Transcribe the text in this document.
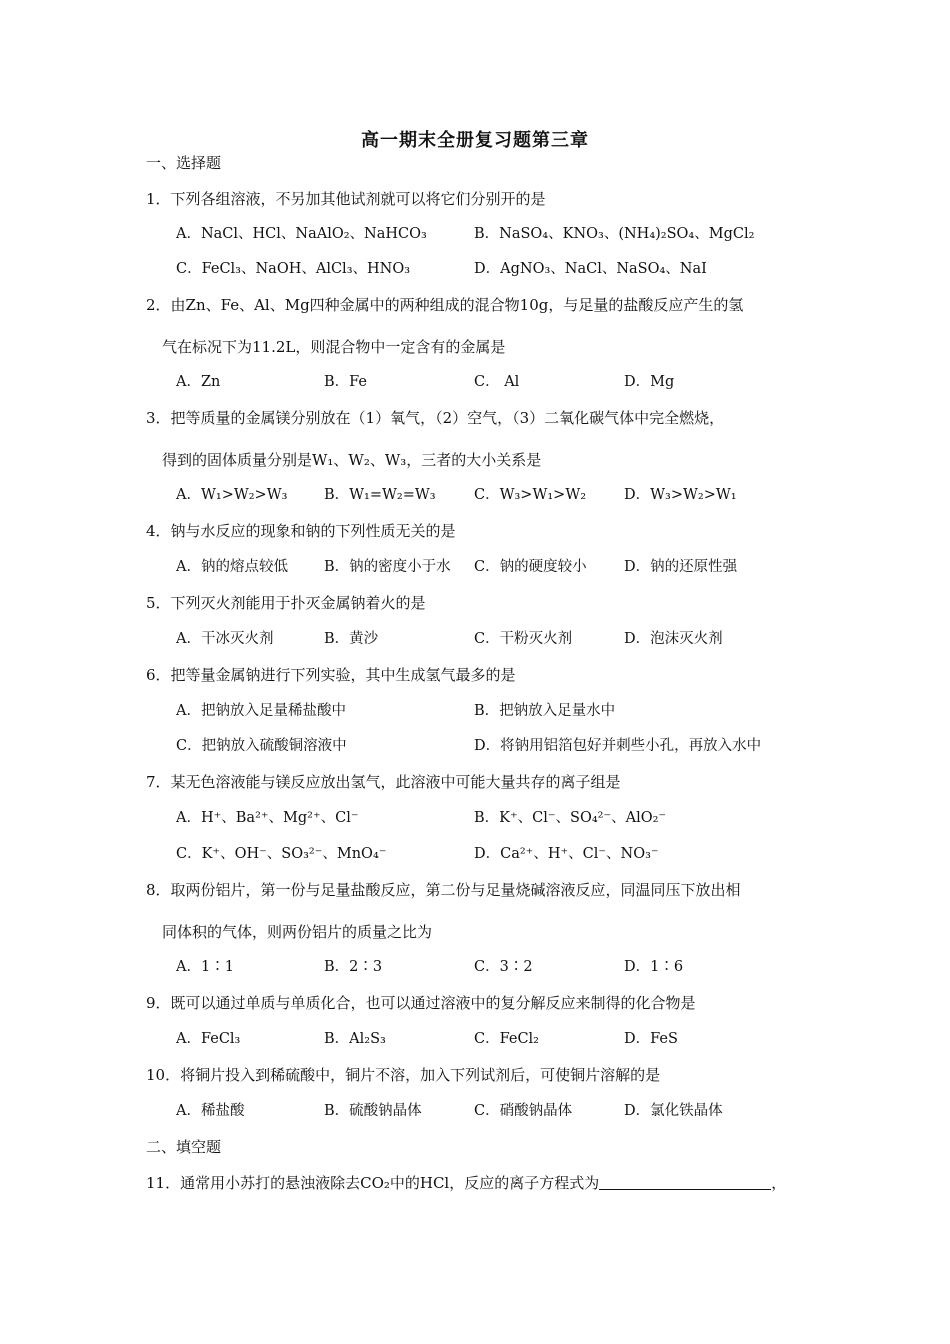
高一期末全册复习题第三章
一、选择题
1．下列各组溶液，不另加其他试剂就可以将它们分别开的是
A．NaCl、HCl、NaAlO₂、NaHCO₃	B．NaSO₄、KNO₃、(NH₄)₂SO₄、MgCl₂
C．FeCl₃、NaOH、AlCl₃、HNO₃	D．AgNO₃、NaCl、NaSO₄、NaI
2．由Zn、Fe、Al、Mg四种金属中的两种组成的混合物10g，与足量的盐酸反应产生的氢
气在标况下为11.2L，则混合物中一定含有的金属是
A．Zn	B．Fe	C． Al	D．Mg
3．把等质量的金属镁分别放在（1）氧气，（2）空气，（3）二氧化碳气体中完全燃烧，
得到的固体质量分别是W₁、W₂、W₃，三者的大小关系是
A．W₁>W₂>W₃	B．W₁=W₂=W₃	C．W₃>W₁>W₂	D．W₃>W₂>W₁
4．钠与水反应的现象和钠的下列性质无关的是
A．钠的熔点较低 B．钠的密度小于水 C．钠的硬度较小	D．钠的还原性强
5．下列灭火剂能用于扑灭金属钠着火的是
A．干冰灭火剂	B．黄沙	C．干粉灭火剂	D．泡沫灭火剂
6．把等量金属钠进行下列实验，其中生成氢气最多的是
A．把钠放入足量稀盐酸中	B．把钠放入足量水中
C．把钠放入硫酸铜溶液中	D．将钠用铝箔包好并刺些小孔，再放入水中
7．某无色溶液能与镁反应放出氢气，此溶液中可能大量共存的离子组是
A．H⁺、Ba²⁺、Mg²⁺、Cl⁻	B．K⁺、Cl⁻、SO₄²⁻、AlO₂⁻
C．K⁺、OH⁻、SO₃²⁻、MnO₄⁻	D．Ca²⁺、H⁺、Cl⁻、NO₃⁻
8．取两份铝片，第一份与足量盐酸反应，第二份与足量烧碱溶液反应，同温同压下放出相
同体积的气体，则两份铝片的质量之比为
A．1∶1	B．2∶3	C．3∶2	D．1∶6
9．既可以通过单质与单质化合，也可以通过溶液中的复分解反应来制得的化合物是
A．FeCl₃	B．Al₂S₃	C．FeCl₂	D．FeS
10．将铜片投入到稀硫酸中，铜片不溶，加入下列试剂后，可使铜片溶解的是
A．稀盐酸	B．硫酸钠晶体	C．硝酸钠晶体	D．氯化铁晶体
二、填空题
11．通常用小苏打的悬浊液除去CO₂中的HCl，反应的离子方程式为	，
